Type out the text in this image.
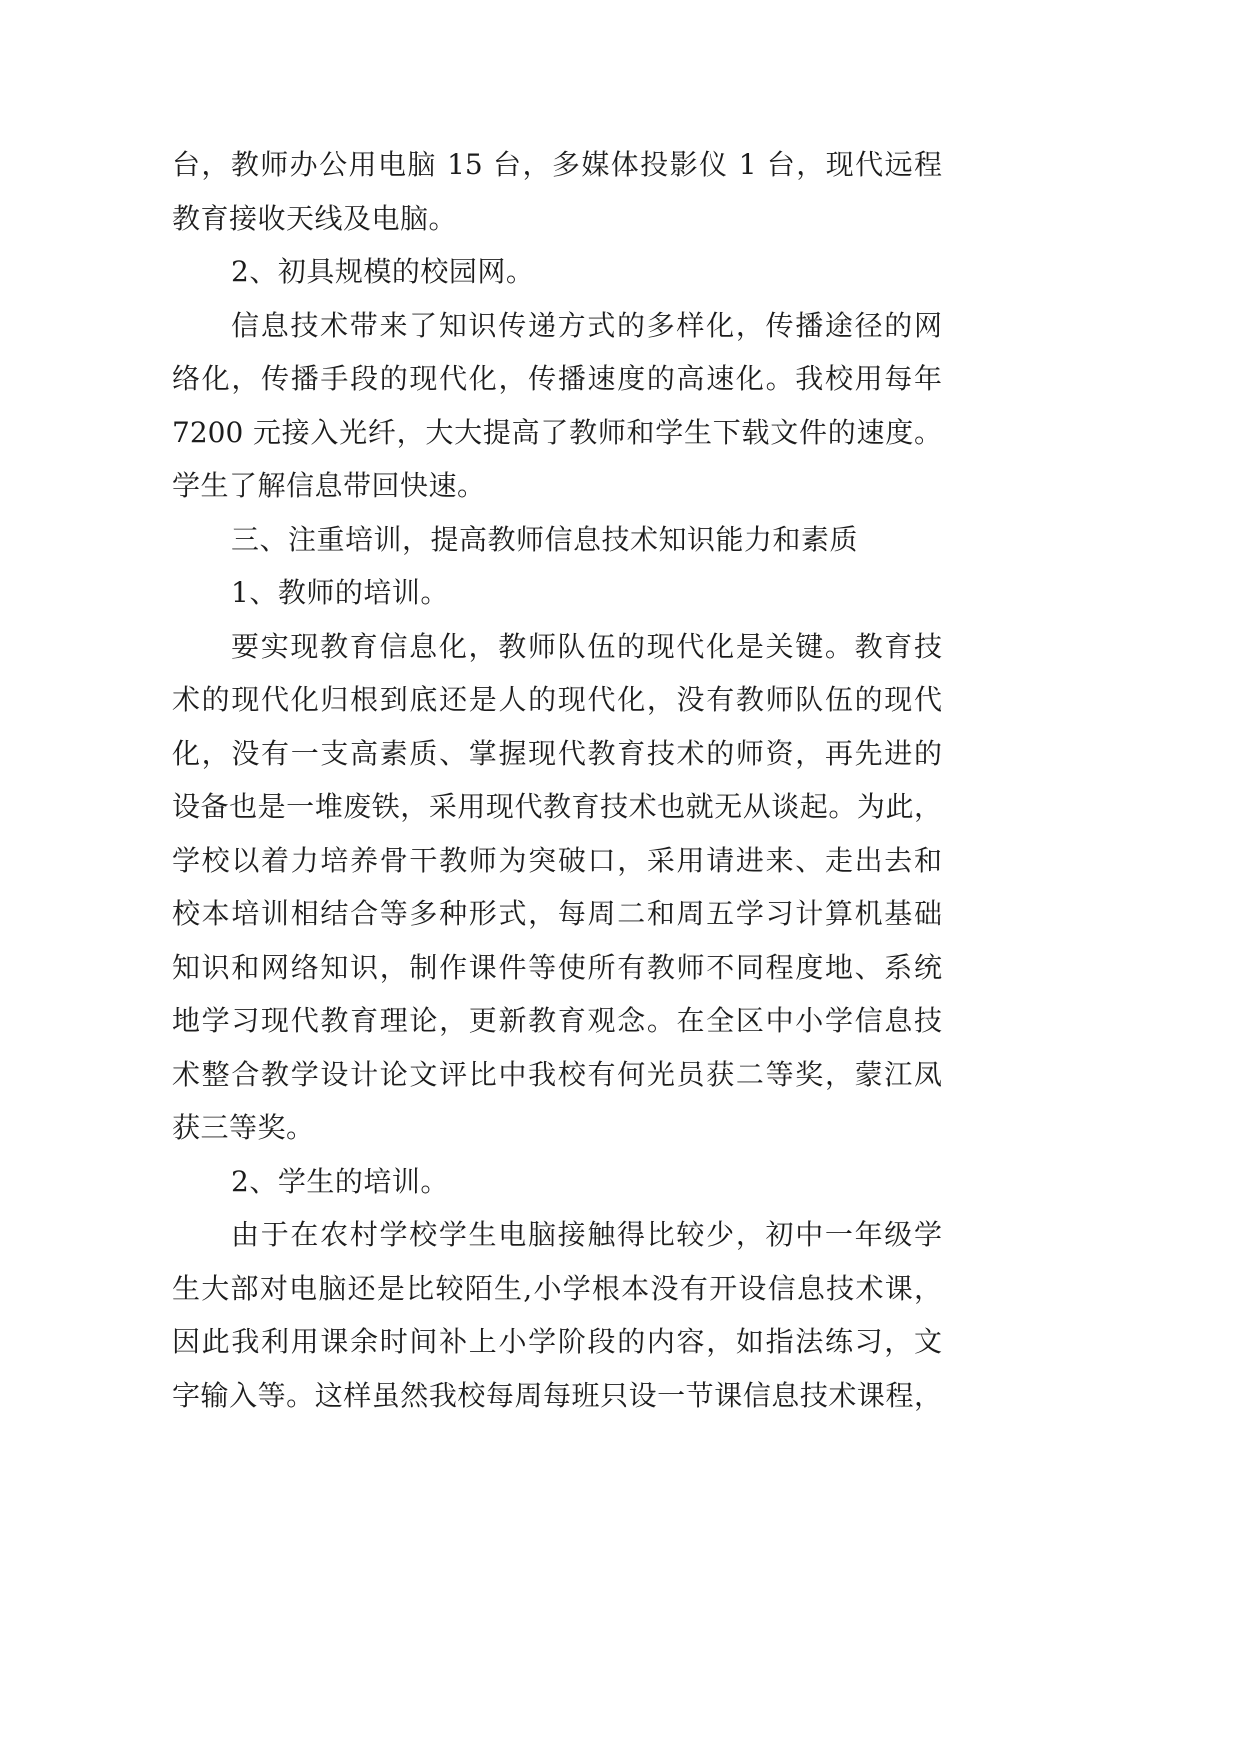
台，教师办公用电脑 15 台，多媒体投影仪 1 台，现代远程
教育接收天线及电脑。
2、初具规模的校园网。
信息技术带来了知识传递方式的多样化，传播途径的网
络化，传播手段的现代化，传播速度的高速化。我校用每年
7200 元接入光纤，大大提高了教师和学生下载文件的速度。
学生了解信息带回快速。
三、注重培训，提高教师信息技术知识能力和素质
1、教师的培训。
要实现教育信息化，教师队伍的现代化是关键。教育技
术的现代化归根到底还是人的现代化，没有教师队伍的现代
化，没有一支高素质、掌握现代教育技术的师资，再先进的
设备也是一堆废铁，采用现代教育技术也就无从谈起。为此，
学校以着力培养骨干教师为突破口，采用请进来、走出去和
校本培训相结合等多种形式，每周二和周五学习计算机基础
知识和网络知识，制作课件等使所有教师不同程度地、系统
地学习现代教育理论，更新教育观念。在全区中小学信息技
术整合教学设计论文评比中我校有何光员获二等奖，蒙江凤
获三等奖。
2、学生的培训。
由于在农村学校学生电脑接触得比较少，初中一年级学
生大部对电脑还是比较陌生,小学根本没有开设信息技术课，
因此我利用课余时间补上小学阶段的内容，如指法练习，文
字输入等。这样虽然我校每周每班只设一节课信息技术课程，
